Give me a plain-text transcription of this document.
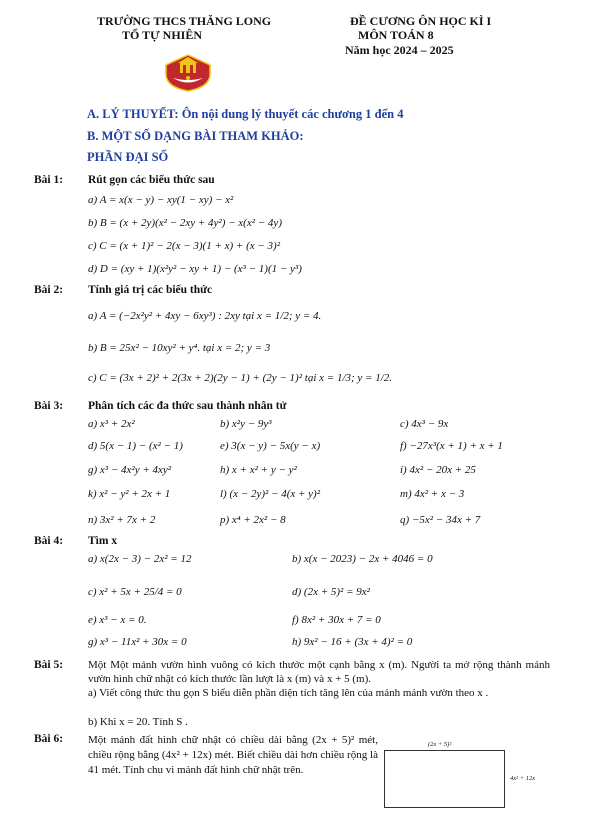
TRƯỜNG THCS THĂNG LONG
TỔ TỰ NHIÊN
ĐỀ CƯƠNG ÔN HỌC KÌ I
MÔN TOÁN 8
Năm học 2024 – 2025
A. LÝ THUYẾT: Ôn nội dung lý thuyết các chương 1 đến 4
B. MỘT SỐ DẠNG BÀI THAM KHẢO:
PHẦN ĐẠI SỐ
Bài 1: Rút gọn các biểu thức sau
a) A = x(x − y) − xy(1 − xy) − x²
b) B = (x + 2y)(x² − 2xy + 4y²) − x(x² − 4y)
c) C = (x + 1)² − 2(x − 3)(1 + x) + (x − 3)²
d) D = (xy + 1)(x²y² − xy + 1) − (x³ − 1)(1 − y³)
Bài 2: Tính giá trị các biểu thức
a) A = (−2x²y² + 4xy − 6xy³) : 2xy tại x = 1/2; y = 4.
b) B = 25x² − 10xy² + y⁴. tại x = 2; y = 3
c) C = (3x + 2)² + 2(3x + 2)(2y − 1) + (2y − 1)² tại x = 1/3; y = 1/2.
Bài 3: Phân tích các đa thức sau thành nhân tử
a) x³ + 2x²	b) x²y − 9y³	c) 4x³ − 9x
d) 5(x − 1) − (x² − 1)	e) 3(x − y) − 5x(y − x)	f) −27x³(x + 1) + x + 1
g) x³ − 4x²y + 4xy²	h) x + x² + y − y²	i) 4x² − 20x + 25
k) x² − y² + 2x + 1	l) (x − 2y)² − 4(x + y)²	m) 4x² + x − 3
n) 3x² + 7x + 2	p) x⁴ + 2x² − 8	q) −5x² − 34x + 7
Bài 4: Tìm x
a) x(2x − 3) − 2x² = 12	b) x(x − 2023) − 2x + 4046 = 0
c) x² + 5x + 25/4 = 0	d) (2x + 5)² = 9x²
e) x³ − x = 0.	f) 8x² + 30x + 7 = 0
g) x³ − 11x² + 30x = 0	h) 9x² − 16 + (3x + 4)² = 0
Bài 5: Một Một mảnh vườn hình vuông có kích thước một cạnh bằng x (m). Người ta mở rộng thành mảnh vườn hình chữ nhật có kích thước lần lượt là x (m) và x + 5 (m).
a) Viết công thức thu gọn S biểu diễn phần diện tích tăng lên của mảnh mảnh vườn theo x .
b) Khi x = 20. Tính S .
Bài 6: Một mảnh đất hình chữ nhật có chiều dài bằng (2x + 5)² mét, chiều rộng bằng (4x² + 12x) mét. Biết chiều dài hơn chiều rộng là 41 mét. Tính chu vi mảnh đất hình chữ nhật trên.
(2x + 5)²
4x² + 12x
